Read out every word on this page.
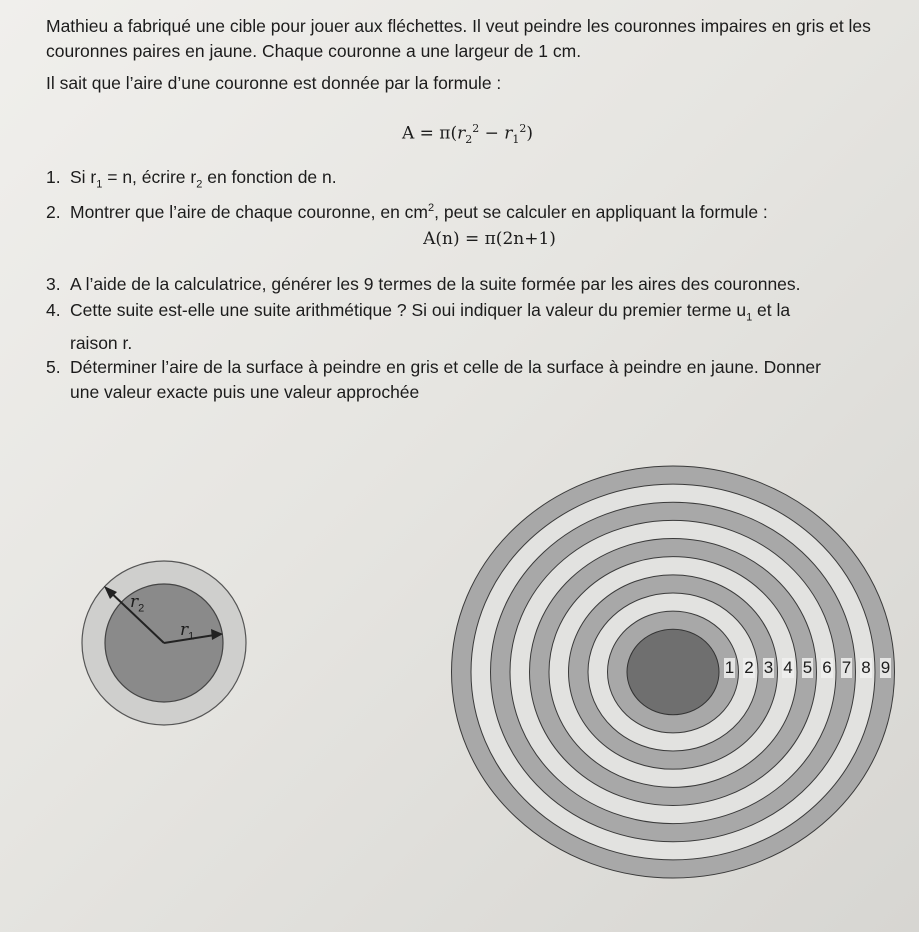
Mathieu a fabriqué une cible pour jouer aux fléchettes. Il veut peindre les couronnes impaires en gris et les couronnes paires en jaune. Chaque couronne a une largeur de 1 cm.
Il sait que l’aire d’une couronne est donnée par la formule :
$A = \pi(r_2^2 - r_1^2)$
1. Si $r_1 = n$, écrire $r_2$ en fonction de n.
2. Montrer que l’aire de chaque couronne, en $cm^2$, peut se calculer en appliquant la formule :
A(n) = π(2n+1)
3. A l’aide de la calculatrice, générer les 9 termes de la suite formée par les aires des couronnes.
4. Cette suite est-elle une suite arithmétique ? Si oui indiquer la valeur du premier terme $u_1$ et la
raison r.
5. Déterminer l’aire de la surface à peindre en gris et celle de la surface à peindre en jaune. Donner
une valeur exacte puis une valeur approchée
$r_2$
$r_1$
1 2 3 4 5 6 7 8 9
